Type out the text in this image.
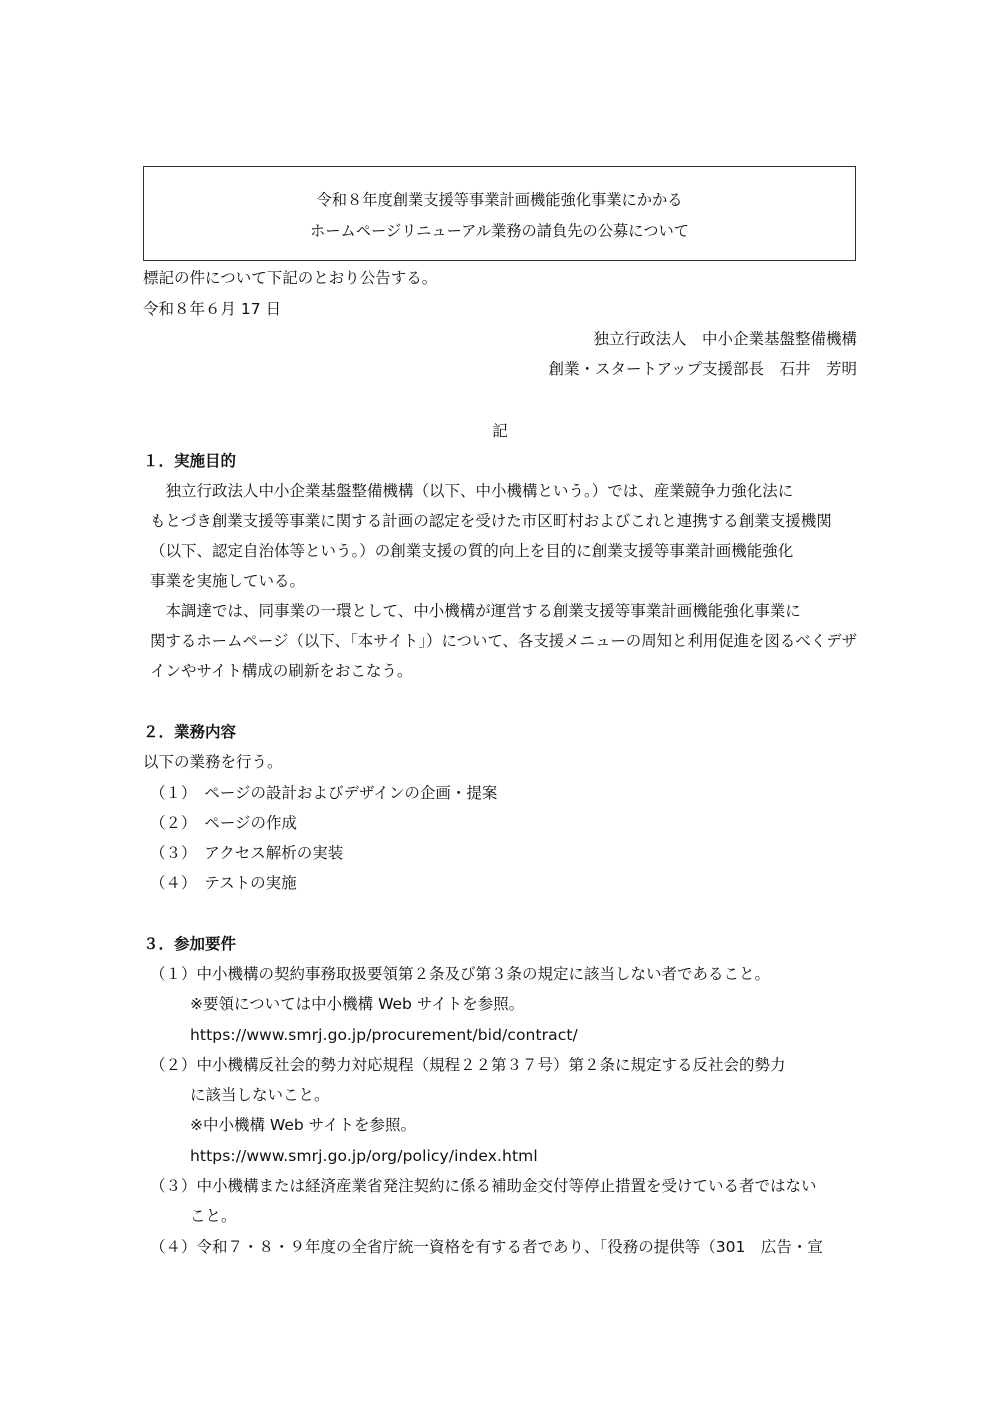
令和８年度創業支援等事業計画機能強化事業にかかる
ホームページリニューアル業務の請負先の公募について
標記の件について下記のとおり公告する。
令和８年６月 17 日
独立行政法人　中小企業基盤整備機構
創業・スタートアップ支援部長　石井　芳明
記
１．実施目的
　独立行政法人中小企業基盤整備機構（以下、中小機構という。）では、産業競争力強化法に
もとづき創業支援等事業に関する計画の認定を受けた市区町村およびこれと連携する創業支援機関
（以下、認定自治体等という。）の創業支援の質的向上を目的に創業支援等事業計画機能強化
事業を実施している。
　本調達では、同事業の一環として、中小機構が運営する創業支援等事業計画機能強化事業に
関するホームページ（以下、「本サイト」）について、各支援メニューの周知と利用促進を図るべくデザ
インやサイト構成の刷新をおこなう。
２．業務内容
以下の業務を行う。
（１）　ページの設計およびデザインの企画・提案
（２）　ページの作成
（３）　アクセス解析の実装
（４）　テストの実施
３．参加要件
（１）中小機構の契約事務取扱要領第２条及び第３条の規定に該当しない者であること。
※要領については中小機構 Web サイトを参照。
https://www.smrj.go.jp/procurement/bid/contract/
（２）中小機構反社会的勢力対応規程（規程２２第３７号）第２条に規定する反社会的勢力
に該当しないこと。
※中小機構 Web サイトを参照。
https://www.smrj.go.jp/org/policy/index.html
（３）中小機構または経済産業省発注契約に係る補助金交付等停止措置を受けている者ではない
こと。
（４）令和７・８・９年度の全省庁統一資格を有する者であり、「役務の提供等（301　広告・宣
